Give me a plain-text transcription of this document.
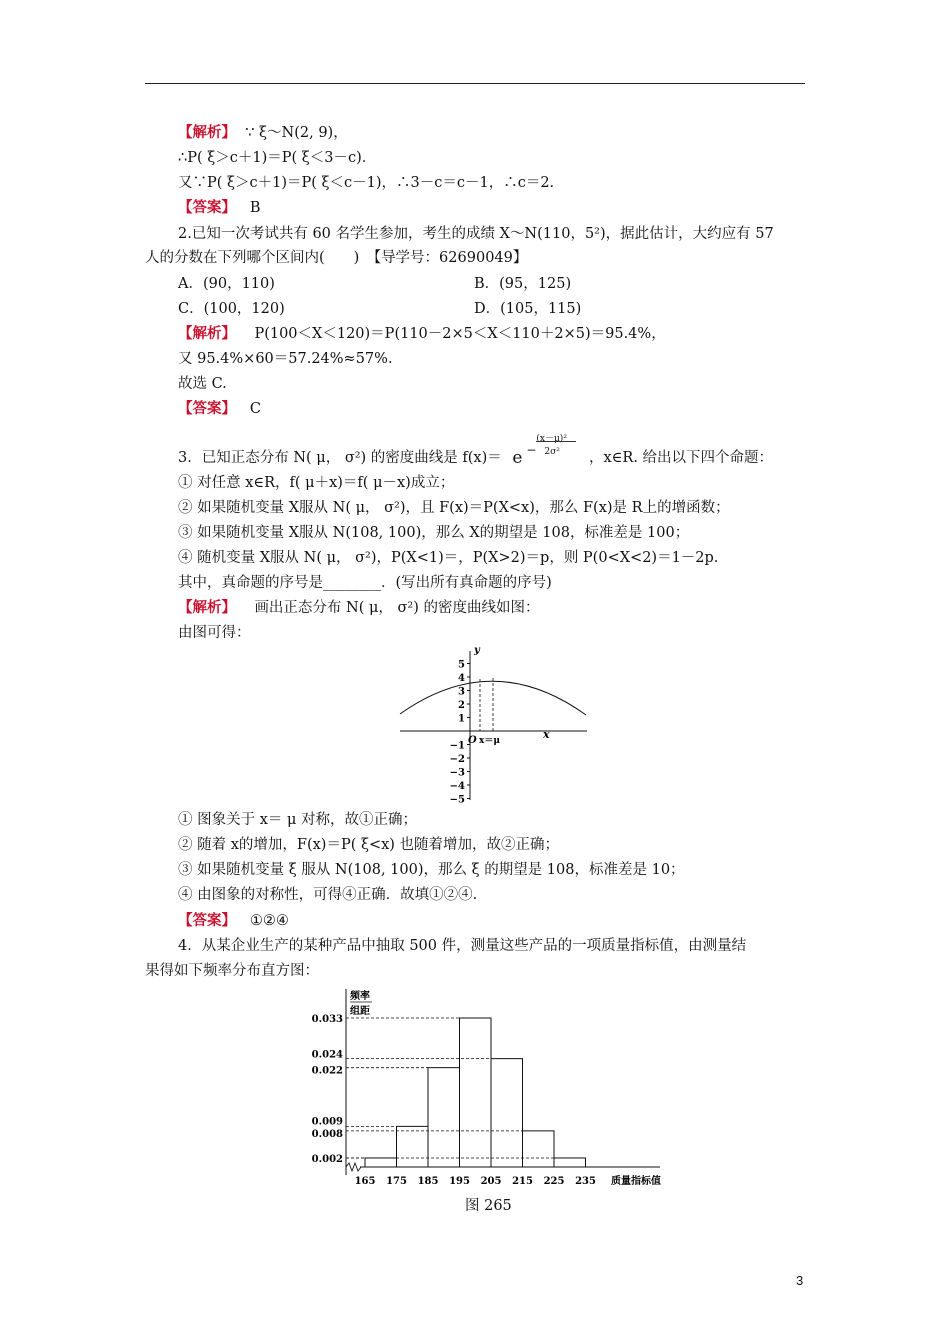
【解析】 ∵ ξ～N(2, 9)，
∴P( ξ＞c＋1)＝P( ξ＜3－c)．
又∵P( ξ＞c＋1)＝P( ξ＜c－1)，∴3－c＝c－1，∴c＝2.
【答案】 B
2.已知一次考试共有 60 名学生参加，考生的成绩 X～N(110，5²)，据此估计，大约应有 57
人的分数在下列哪个区间内(　　)　【导学号：62690049】
A．(90，110)	B．(95，125)
C．(100，120)	D．(105，115)
【解析】 P(100＜X＜120)＝P(110－2×5＜X＜110＋2×5)＝95.4%，
又 95.4%×60＝57.24%≈57%.
故选 C.
【答案】 C
3．已知正态分布 N( μ， σ²) 的密度曲线是 f(x)＝ e −
(x－μ)²
2σ² ，x∈R. 给出以下四个命题：
① 对任意 x∈R，f( μ＋x)＝f( μ－x)成立；
② 如果随机变量 X服从 N( μ， σ²)，且 F(x)＝P(X<x)，那么 F(x)是 R上的增函数；
③ 如果随机变量 X服从 N(108, 100)，那么 X的期望是 108，标准差是 100；
④ 随机变量 X服从 N( μ， σ²)，P(X<1)＝，P(X>2)＝p，则 P(0<X<2)＝1－2p.
其中，真命题的序号是________．(写出所有真命题的序号)
【解析】 画出正态分布 N( μ， σ²) 的密度曲线如图：
由图可得：
5
4
3
2
1
−1
−2
−3
−4
−5
y
x
O x＝μ
① 图象关于 x＝ μ 对称，故①正确；
② 随着 x的增加，F(x)＝P( ξ<x) 也随着增加，故②正确；
③ 如果随机变量 ξ 服从 N(108, 100)，那么 ξ 的期望是 108，标准差是 10；
④ 由图象的对称性，可得④正确．故填①②④.
【答案】 ①②④
4．从某企业生产的某种产品中抽取 500 件，测量这些产品的一项质量指标值，由测量结
果得如下频率分布直方图：
频率
组距
0.033
0.024
0.022
0.009
0.008
0.002
165 175 185 195 205 215 225 235 质量指标值
图 265
3
